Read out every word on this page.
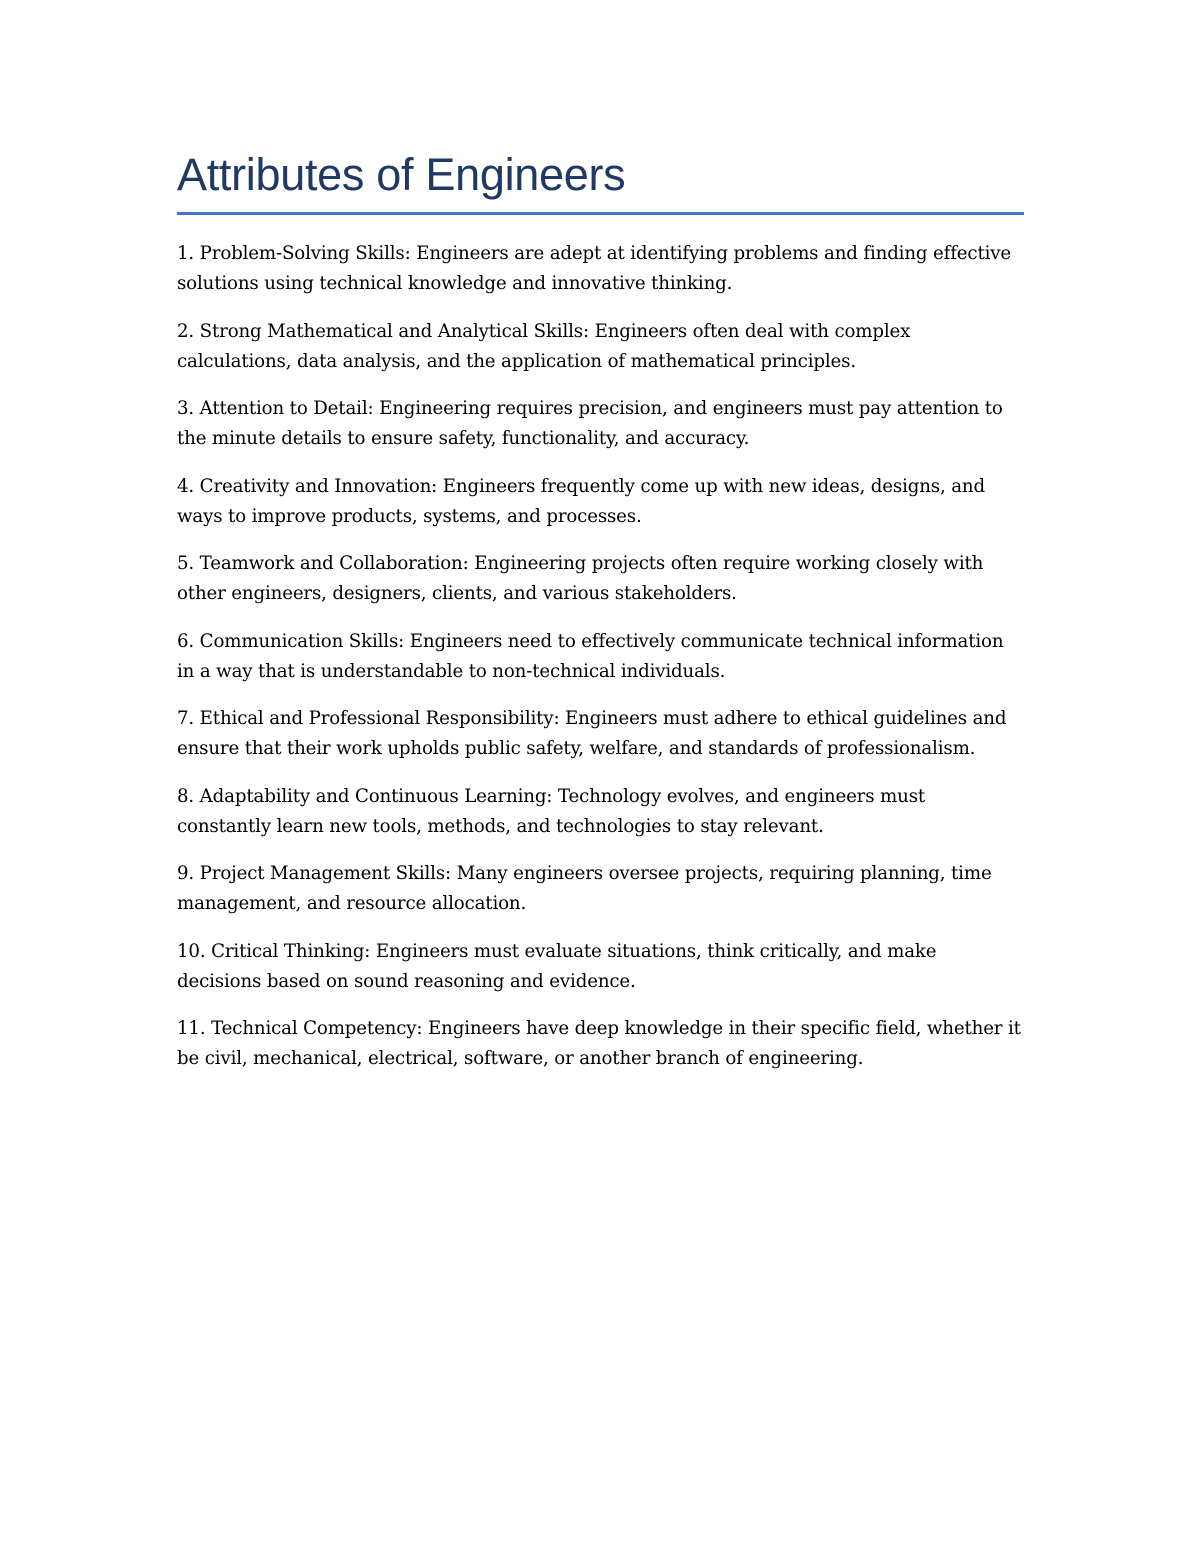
Attributes of Engineers

1. Problem-Solving Skills: Engineers are adept at identifying problems and finding effective solutions using technical knowledge and innovative thinking.

2. Strong Mathematical and Analytical Skills: Engineers often deal with complex calculations, data analysis, and the application of mathematical principles.

3. Attention to Detail: Engineering requires precision, and engineers must pay attention to the minute details to ensure safety, functionality, and accuracy.

4. Creativity and Innovation: Engineers frequently come up with new ideas, designs, and ways to improve products, systems, and processes.

5. Teamwork and Collaboration: Engineering projects often require working closely with other engineers, designers, clients, and various stakeholders.

6. Communication Skills: Engineers need to effectively communicate technical information in a way that is understandable to non-technical individuals.

7. Ethical and Professional Responsibility: Engineers must adhere to ethical guidelines and ensure that their work upholds public safety, welfare, and standards of professionalism.

8. Adaptability and Continuous Learning: Technology evolves, and engineers must constantly learn new tools, methods, and technologies to stay relevant.

9. Project Management Skills: Many engineers oversee projects, requiring planning, time management, and resource allocation.

10. Critical Thinking: Engineers must evaluate situations, think critically, and make decisions based on sound reasoning and evidence.

11. Technical Competency: Engineers have deep knowledge in their specific field, whether it be civil, mechanical, electrical, software, or another branch of engineering.
